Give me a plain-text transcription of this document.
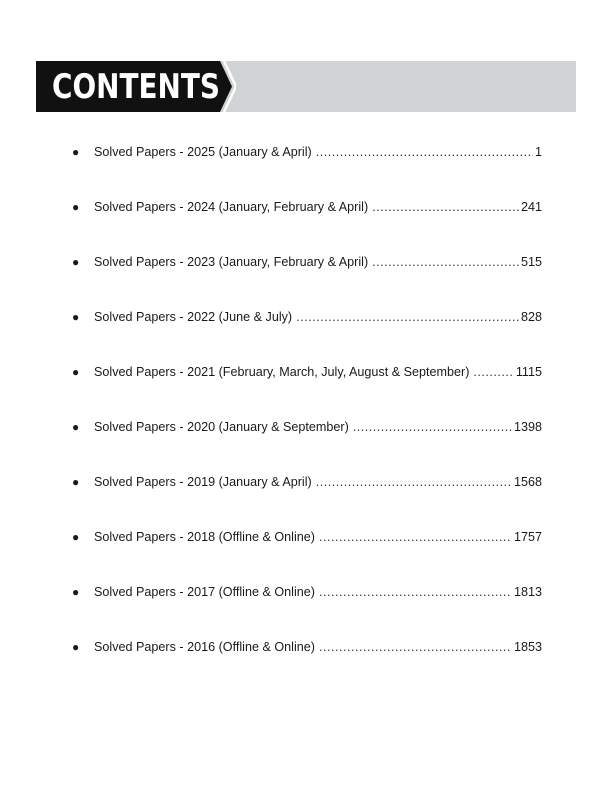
CONTENTS
●	Solved Papers - 2025 (January & April) .....	1
●	Solved Papers - 2024 (January, February & April) .....	241
●	Solved Papers - 2023 (January, February & April) .....	515
●	Solved Papers - 2022 (June & July) .....	828
●	Solved Papers - 2021 (February, March, July, August & September) .....	1115
●	Solved Papers - 2020 (January & September) .....	1398
●	Solved Papers - 2019 (January & April) .....	1568
●	Solved Papers - 2018 (Offline & Online) .....	1757
●	Solved Papers - 2017 (Offline & Online) .....	1813
●	Solved Papers - 2016 (Offline & Online) .....	1853
